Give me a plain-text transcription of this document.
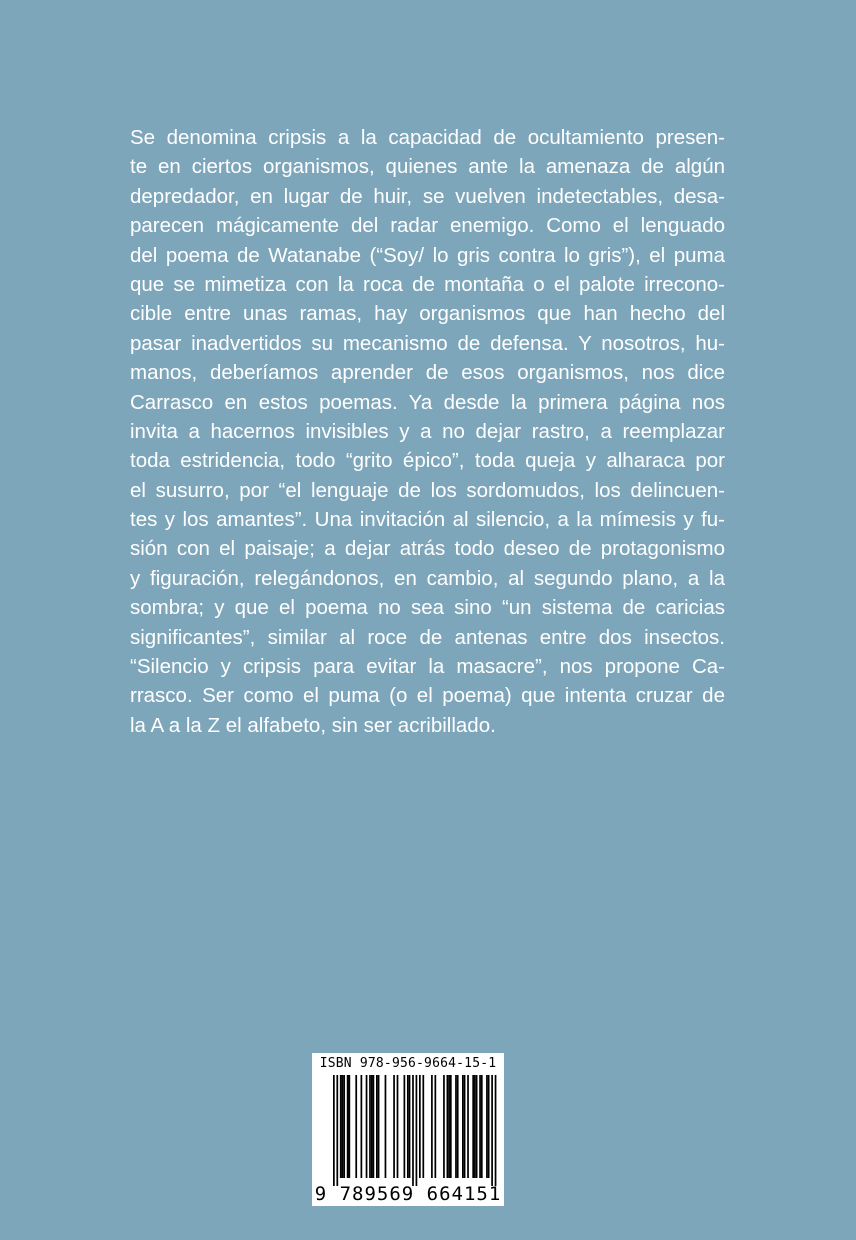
Se denomina cripsis a la capacidad de ocultamiento presen-
te en ciertos organismos, quienes ante la amenaza de algún
depredador, en lugar de huir, se vuelven indetectables, desa-
parecen mágicamente del radar enemigo. Como el lenguado
del poema de Watanabe (“Soy/ lo gris contra lo gris”), el puma
que se mimetiza con la roca de montaña o el palote irrecono-
cible entre unas ramas, hay organismos que han hecho del
pasar inadvertidos su mecanismo de defensa. Y nosotros, hu-
manos, deberíamos aprender de esos organismos, nos dice
Carrasco en estos poemas. Ya desde la primera página nos
invita a hacernos invisibles y a no dejar rastro, a reemplazar
toda estridencia, todo “grito épico”, toda queja y alharaca por
el susurro, por “el lenguaje de los sordomudos, los delincuen-
tes y los amantes”. Una invitación al silencio, a la mímesis y fu-
sión con el paisaje; a dejar atrás todo deseo de protagonismo
y figuración, relegándonos, en cambio, al segundo plano, a la
sombra; y que el poema no sea sino “un sistema de caricias
significantes”, similar al roce de antenas entre dos insectos.
“Silencio y cripsis para evitar la masacre”, nos propone Ca-
rrasco. Ser como el puma (o el poema) que intenta cruzar de
la A a la Z el alfabeto, sin ser acribillado.

ISBN 978-956-9664-15-1
9 789569 664151
